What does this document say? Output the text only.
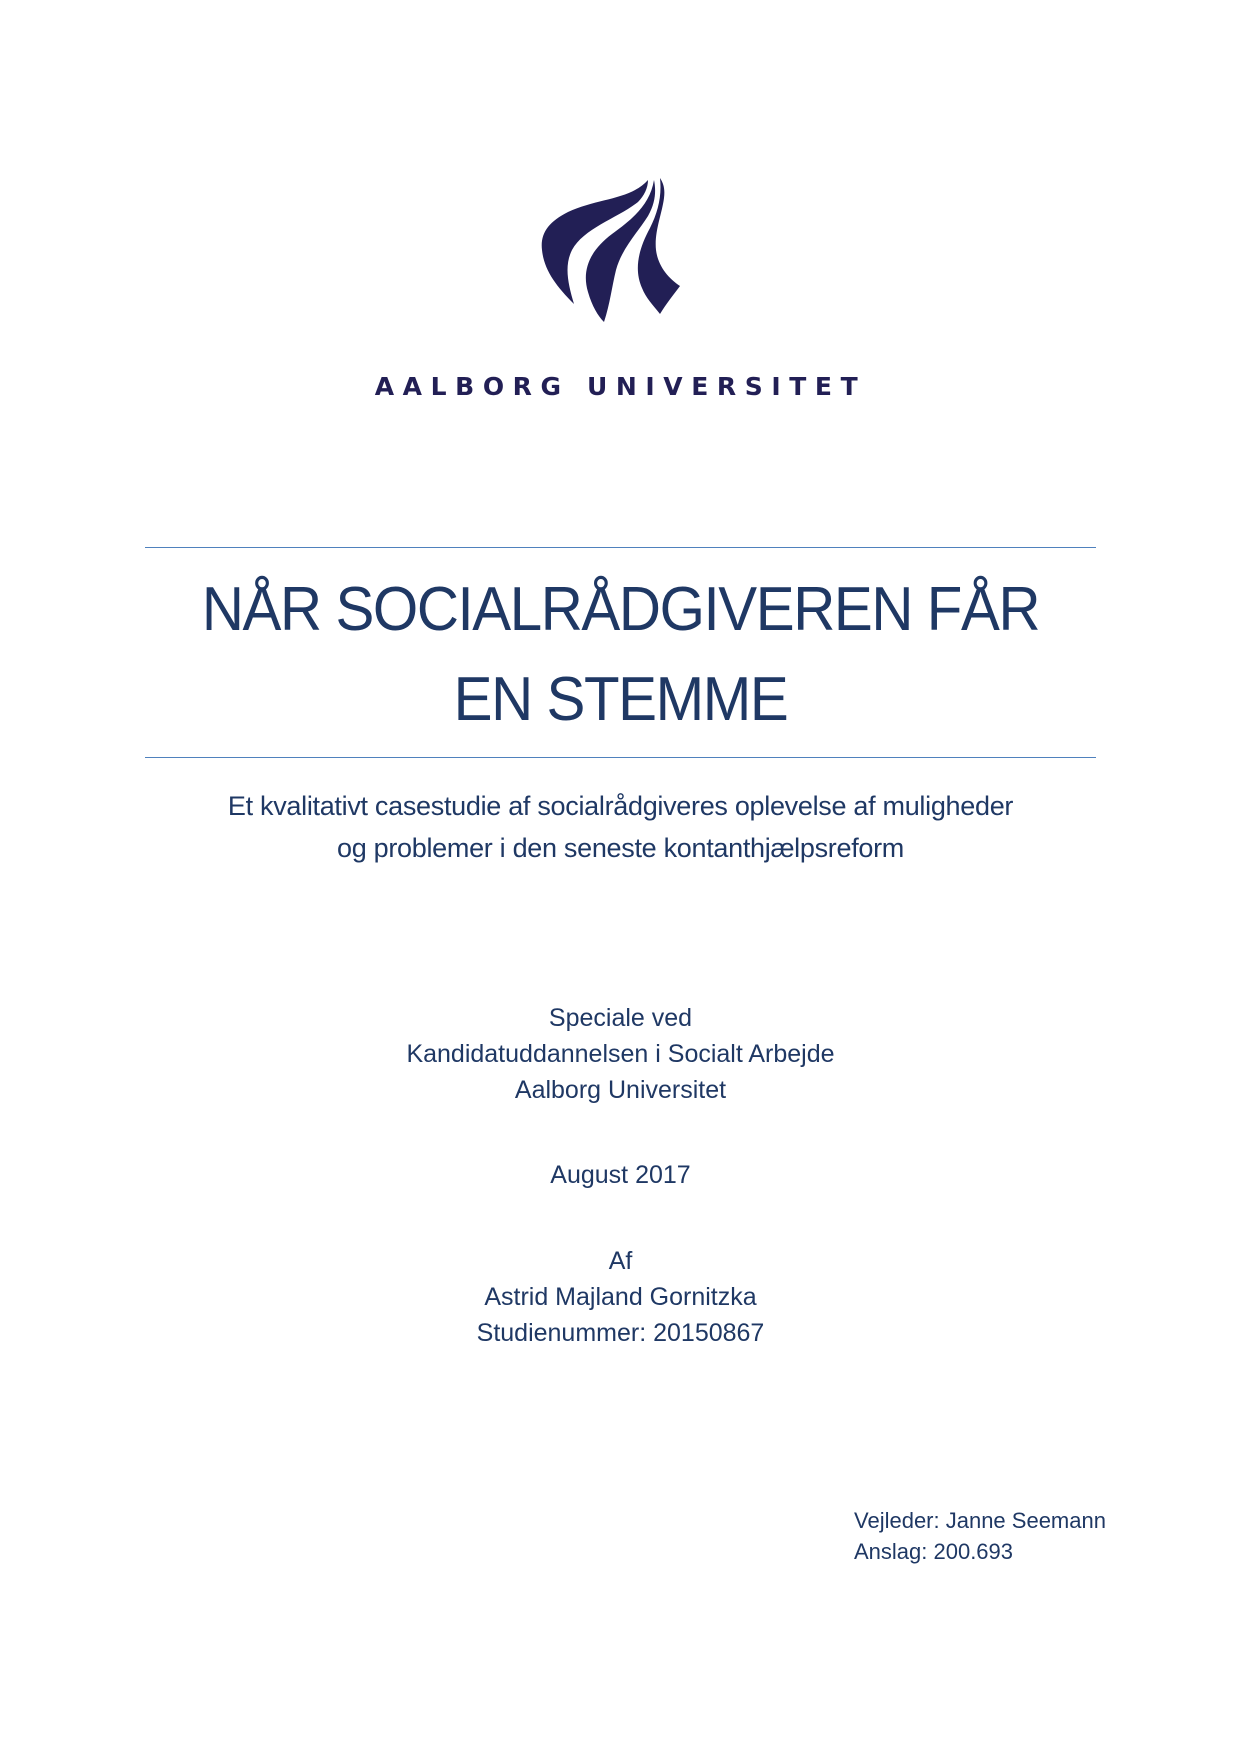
AALBORG UNIVERSITET
NÅR SOCIALRÅDGIVEREN FÅR
EN STEMME
Et kvalitativt casestudie af socialrådgiveres oplevelse af muligheder
og problemer i den seneste kontanthjælpsreform
Speciale ved
Kandidatuddannelsen i Socialt Arbejde
Aalborg Universitet
August 2017
Af
Astrid Majland Gornitzka
Studienummer: 20150867
Vejleder: Janne Seemann
Anslag: 200.693
